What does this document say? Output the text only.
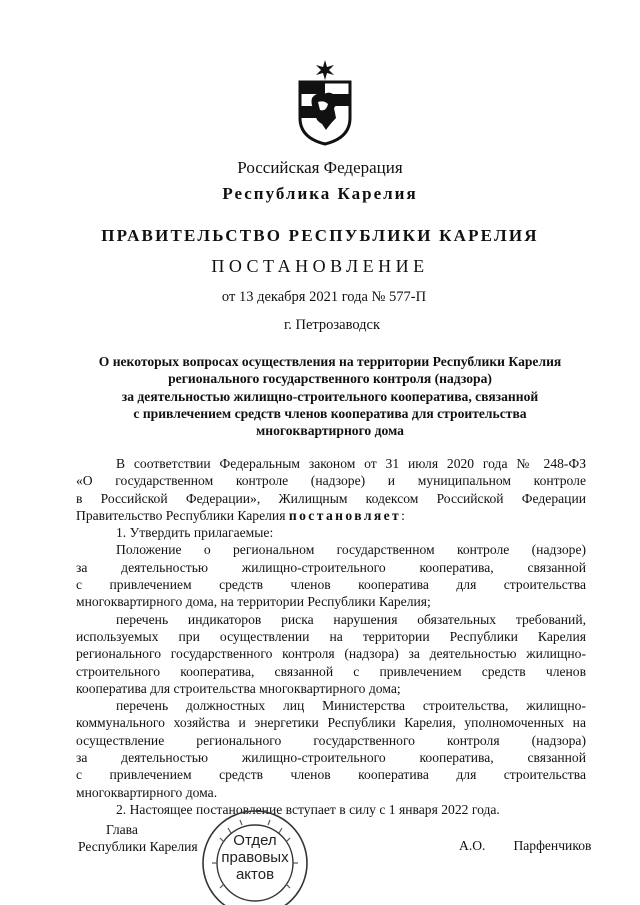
Российская Федерация
Республика Карелия
ПРАВИТЕЛЬСТВО РЕСПУБЛИКИ КАРЕЛИЯ
ПОСТАНОВЛЕНИЕ
от 13 декабря 2021 года № 577-П
г. Петрозаводск
О некоторых вопросах осуществления на территории Республики Карелия
регионального государственного контроля (надзора)
за деятельностью жилищно-строительного кооператива, связанной
с привлечением средств членов кооператива для строительства
многоквартирного дома
В соответствии Федеральным законом от 31 июля 2020 года № 248-ФЗ
«О государственном контроле (надзоре) и муниципальном контроле
в Российской Федерации», Жилищным кодексом Российской Федерации
Правительство Республики Карелия постановляет:
1. Утвердить прилагаемые:
Положение о региональном государственном контроле (надзоре)
за деятельностью жилищно-строительного кооператива, связанной
с привлечением средств членов кооператива для строительства
многоквартирного дома, на территории Республики Карелия;
перечень индикаторов риска нарушения обязательных требований,
используемых при осуществлении на территории Республики Карелия
регионального государственного контроля (надзора) за деятельностью жилищно-
строительного кооператива, связанной с привлечением средств членов
кооператива для строительства многоквартирного дома;
перечень должностных лиц Министерства строительства, жилищно-
коммунального хозяйства и энергетики Республики Карелия, уполномоченных на
осуществление регионального государственного контроля (надзора)
за деятельностью жилищно-строительного кооператива, связанной
с привлечением средств членов кооператива для строительства
многоквартирного дома.
2. Настоящее постановление вступает в силу с 1 января 2022 года.
Глава
Республики Карелия	Отдел
правовых
актов
А.О. Парфенчиков
